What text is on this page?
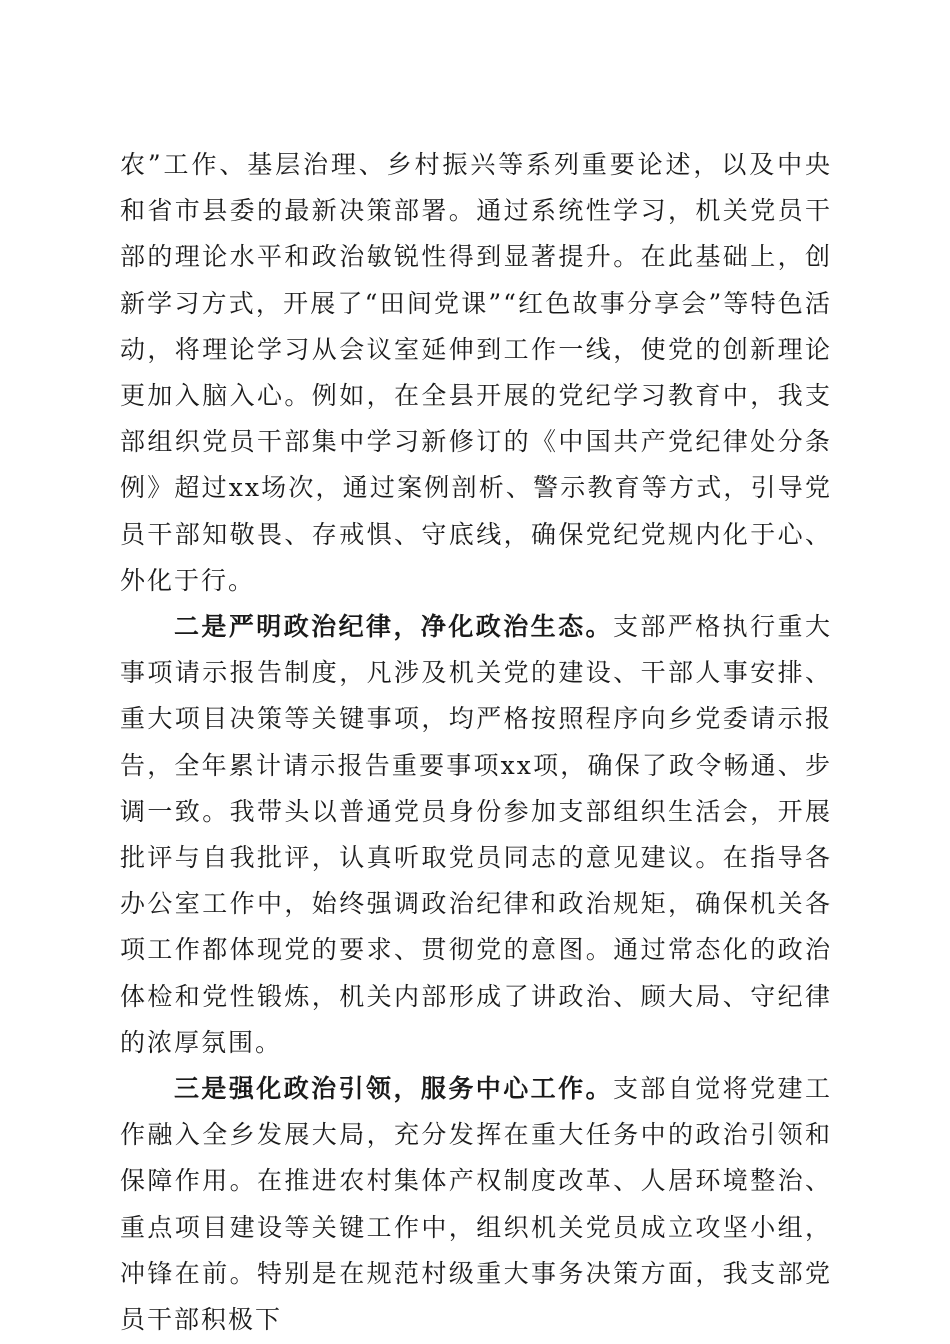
农”工作、基层治理、乡村振兴等系列重要论述，以及中央和省市县委的最新决策部署。通过系统性学习，机关党员干部的理论水平和政治敏锐性得到显著提升。在此基础上，创新学习方式，开展了“田间党课”“红色故事分享会”等特色活动，将理论学习从会议室延伸到工作一线，使党的创新理论更加入脑入心。例如，在全县开展的党纪学习教育中，我支部组织党员干部集中学习新修订的《中国共产党纪律处分条例》超过xx场次，通过案例剖析、警示教育等方式，引导党员干部知敬畏、存戒惧、守底线，确保党纪党规内化于心、外化于行。

二是严明政治纪律，净化政治生态。支部严格执行重大事项请示报告制度，凡涉及机关党的建设、干部人事安排、重大项目决策等关键事项，均严格按照程序向乡党委请示报告，全年累计请示报告重要事项xx项，确保了政令畅通、步调一致。我带头以普通党员身份参加支部组织生活会，开展批评与自我批评，认真听取党员同志的意见建议。在指导各办公室工作中，始终强调政治纪律和政治规矩，确保机关各项工作都体现党的要求、贯彻党的意图。通过常态化的政治体检和党性锻炼，机关内部形成了讲政治、顾大局、守纪律的浓厚氛围。

三是强化政治引领，服务中心工作。支部自觉将党建工作融入全乡发展大局，充分发挥在重大任务中的政治引领和保障作用。在推进农村集体产权制度改革、人居环境整治、重点项目建设等关键工作中，组织机关党员成立攻坚小组，冲锋在前。特别是在规范村级重大事务决策方面，我支部党员干部积极下
